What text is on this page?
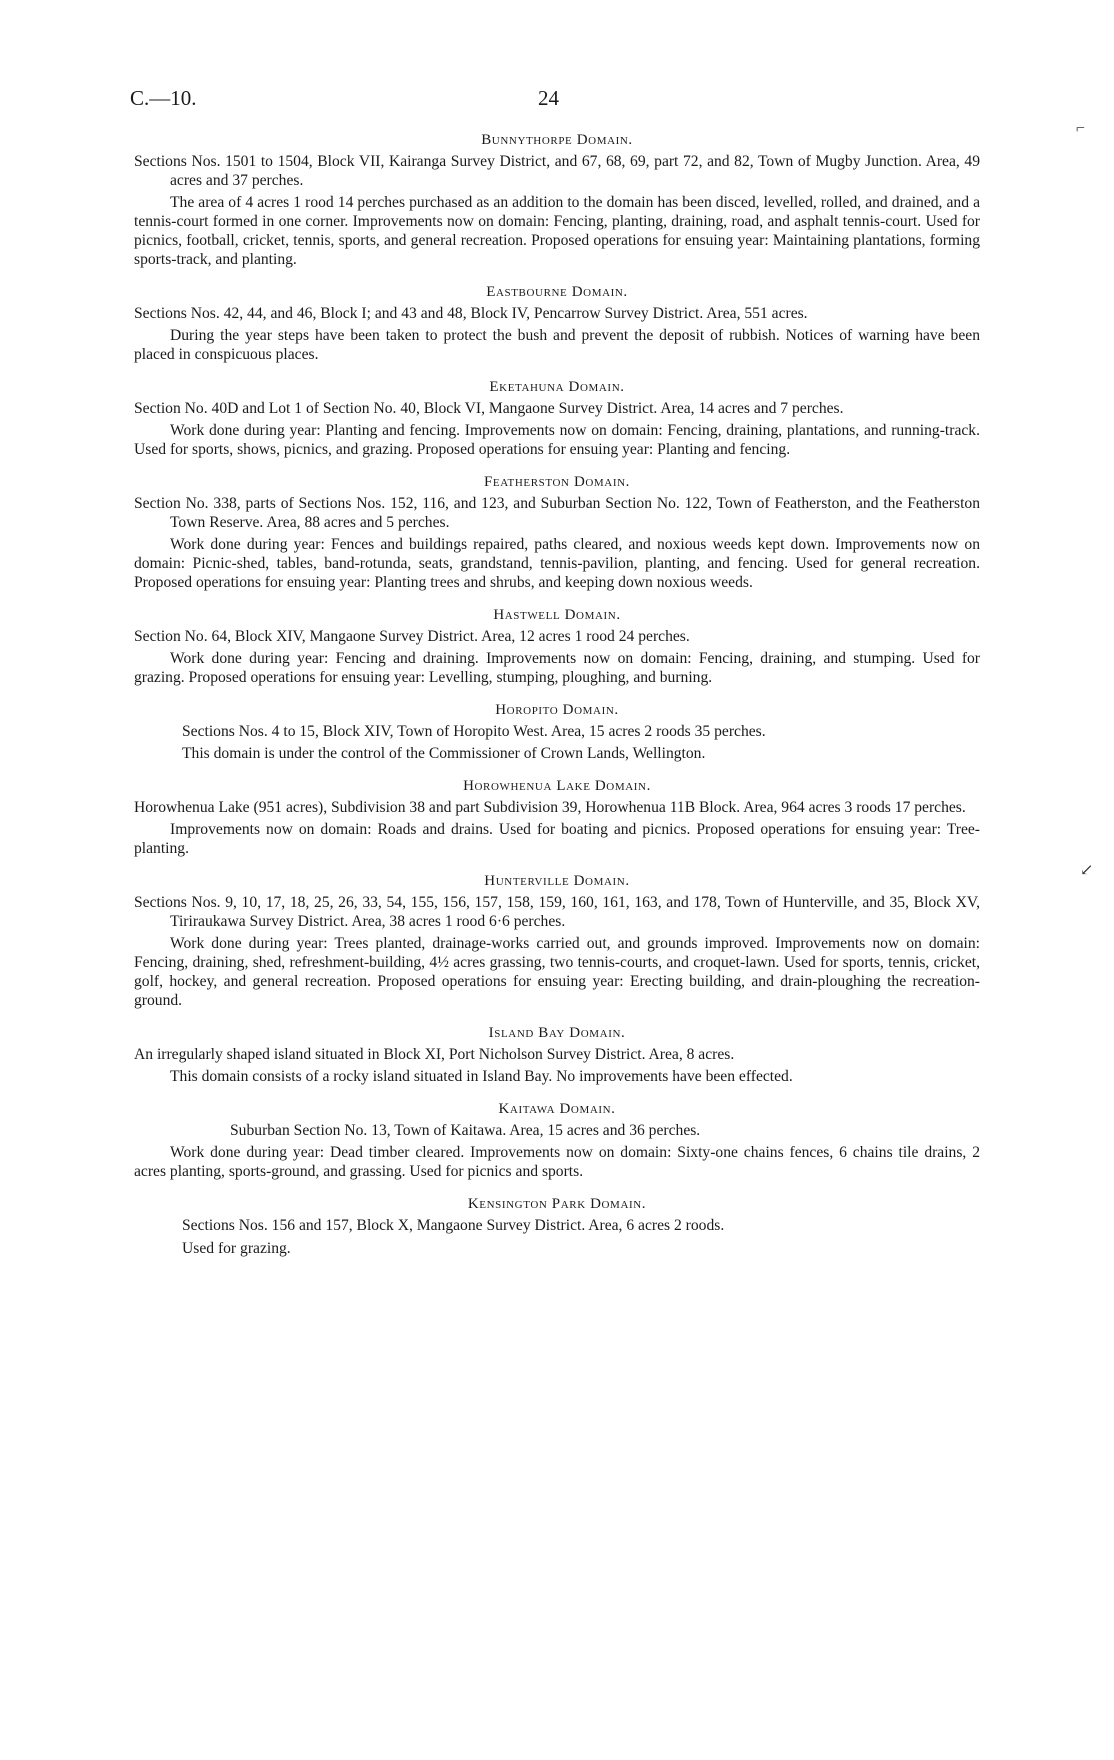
C.—10.	24
Bunnythorpe Domain.

Sections Nos. 1501 to 1504, Block VII, Kairanga Survey District, and 67, 68, 69, part 72, and 82, Town of Mugby Junction. Area, 49 acres and 37 perches.

The area of 4 acres 1 rood 14 perches purchased as an addition to the domain has been disced, levelled, rolled, and drained, and a tennis-court formed in one corner. Improvements now on domain: Fencing, planting, draining, road, and asphalt tennis-court. Used for picnics, football, cricket, tennis, sports, and general recreation. Proposed operations for ensuing year: Maintaining plantations, forming sports-track, and planting.

Eastbourne Domain.

Sections Nos. 42, 44, and 46, Block I; and 43 and 48, Block IV, Pencarrow Survey District. Area, 551 acres.

During the year steps have been taken to protect the bush and prevent the deposit of rubbish. Notices of warning have been placed in conspicuous places.

Eketahuna Domain.

Section No. 40D and Lot 1 of Section No. 40, Block VI, Mangaone Survey District. Area, 14 acres and 7 perches.

Work done during year: Planting and fencing. Improvements now on domain: Fencing, draining, plantations, and running-track. Used for sports, shows, picnics, and grazing. Proposed operations for ensuing year: Planting and fencing.

Featherston Domain.

Section No. 338, parts of Sections Nos. 152, 116, and 123, and Suburban Section No. 122, Town of Featherston, and the Featherston Town Reserve. Area, 88 acres and 5 perches.

Work done during year: Fences and buildings repaired, paths cleared, and noxious weeds kept down. Improvements now on domain: Picnic-shed, tables, band-rotunda, seats, grandstand, tennis-pavilion, planting, and fencing. Used for general recreation. Proposed operations for ensuing year: Planting trees and shrubs, and keeping down noxious weeds.

Hastwell Domain.

Section No. 64, Block XIV, Mangaone Survey District. Area, 12 acres 1 rood 24 perches.

Work done during year: Fencing and draining. Improvements now on domain: Fencing, draining, and stumping. Used for grazing. Proposed operations for ensuing year: Levelling, stumping, ploughing, and burning.

Horopito Domain.

Sections Nos. 4 to 15, Block XIV, Town of Horopito West. Area, 15 acres 2 roods 35 perches.

This domain is under the control of the Commissioner of Crown Lands, Wellington.

Horowhenua Lake Domain.

Horowhenua Lake (951 acres), Subdivision 38 and part Subdivision 39, Horowhenua 11B Block. Area, 964 acres 3 roods 17 perches.

Improvements now on domain: Roads and drains. Used for boating and picnics. Proposed operations for ensuing year: Tree-planting.

Hunterville Domain.

Sections Nos. 9, 10, 17, 18, 25, 26, 33, 54, 155, 156, 157, 158, 159, 160, 161, 163, and 178, Town of Hunterville, and 35, Block XV, Tiriraukawa Survey District. Area, 38 acres 1 rood 6·6 perches.

Work done during year: Trees planted, drainage-works carried out, and grounds improved. Improvements now on domain: Fencing, draining, shed, refreshment-building, 4½ acres grassing, two tennis-courts, and croquet-lawn. Used for sports, tennis, cricket, golf, hockey, and general recreation. Proposed operations for ensuing year: Erecting building, and drain-ploughing the recreation-ground.

Island Bay Domain.

An irregularly shaped island situated in Block XI, Port Nicholson Survey District. Area, 8 acres.

This domain consists of a rocky island situated in Island Bay. No improvements have been effected.

Kaitawa Domain.

Suburban Section No. 13, Town of Kaitawa. Area, 15 acres and 36 perches.

Work done during year: Dead timber cleared. Improvements now on domain: Sixty-one chains fences, 6 chains tile drains, 2 acres planting, sports-ground, and grassing. Used for picnics and sports.

Kensington Park Domain.

Sections Nos. 156 and 157, Block X, Mangaone Survey District. Area, 6 acres 2 roods.

Used for grazing.

⌐
↙
